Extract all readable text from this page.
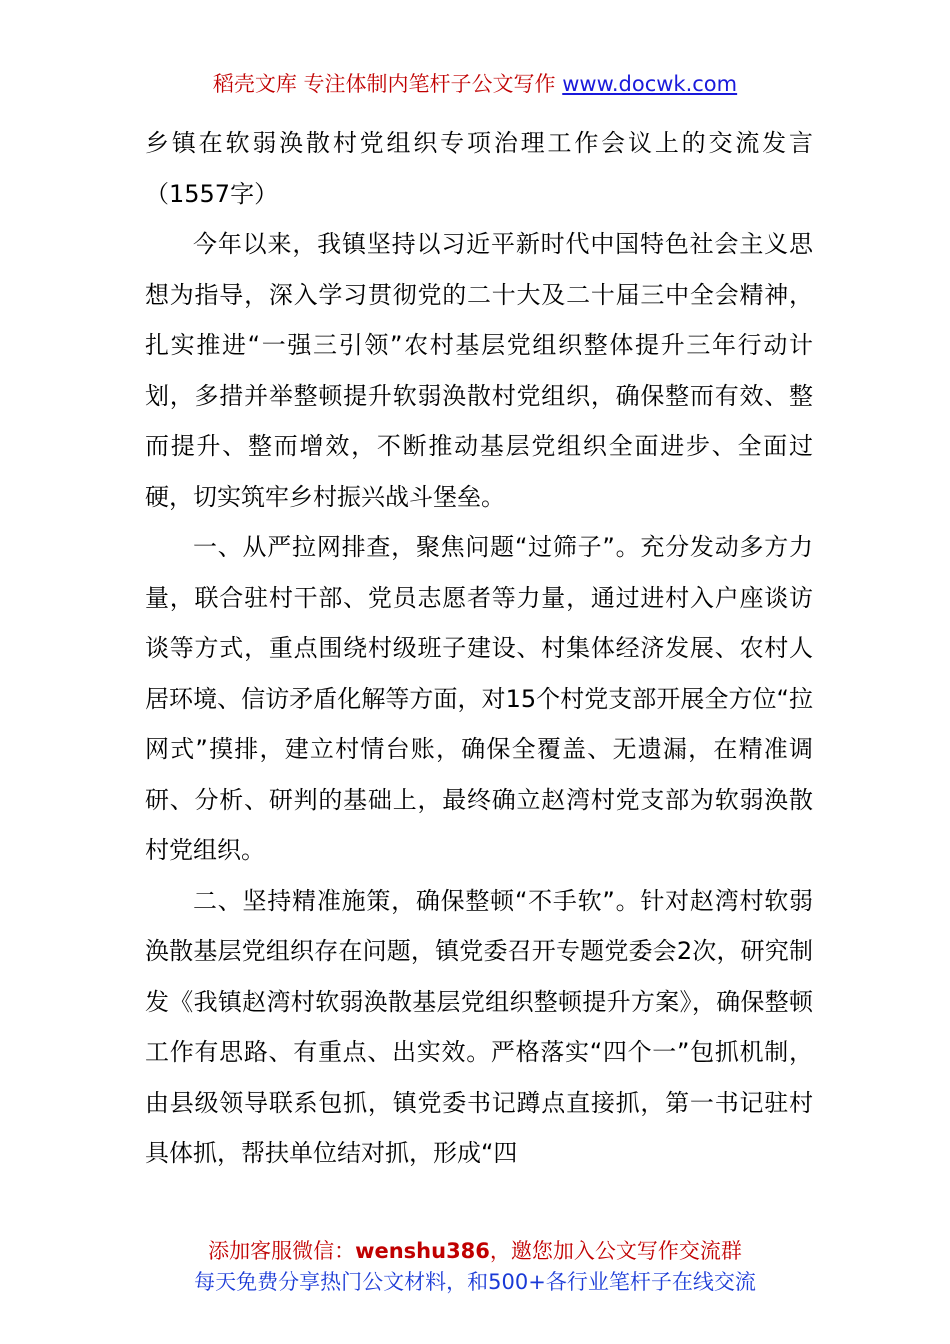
稻壳文库 专注体制内笔杆子公文写作 www.docwk.com

乡镇在软弱涣散村党组织专项治理工作会议上的交流发言（1557字）

今年以来，我镇坚持以习近平新时代中国特色社会主义思想为指导，深入学习贯彻党的二十大及二十届三中全会精神，扎实推进“一强三引领”农村基层党组织整体提升三年行动计划，多措并举整顿提升软弱涣散村党组织，确保整而有效、整而提升、整而增效，不断推动基层党组织全面进步、全面过硬，切实筑牢乡村振兴战斗堡垒。

一、从严拉网排查，聚焦问题“过筛子”。充分发动多方力量，联合驻村干部、党员志愿者等力量，通过进村入户座谈访谈等方式，重点围绕村级班子建设、村集体经济发展、农村人居环境、信访矛盾化解等方面，对15个村党支部开展全方位“拉网式”摸排，建立村情台账，确保全覆盖、无遗漏，在精准调研、分析、研判的基础上，最终确立赵湾村党支部为软弱涣散村党组织。

二、坚持精准施策，确保整顿“不手软”。针对赵湾村软弱涣散基层党组织存在问题，镇党委召开专题党委会2次，研究制发《我镇赵湾村软弱涣散基层党组织整顿提升方案》，确保整顿工作有思路、有重点、出实效。严格落实“四个一”包抓机制，由县级领导联系包抓，镇党委书记蹲点直接抓，第一书记驻村具体抓，帮扶单位结对抓，形成“四

添加客服微信：wenshu386，邀您加入公文写作交流群
每天免费分享热门公文材料，和500+各行业笔杆子在线交流
